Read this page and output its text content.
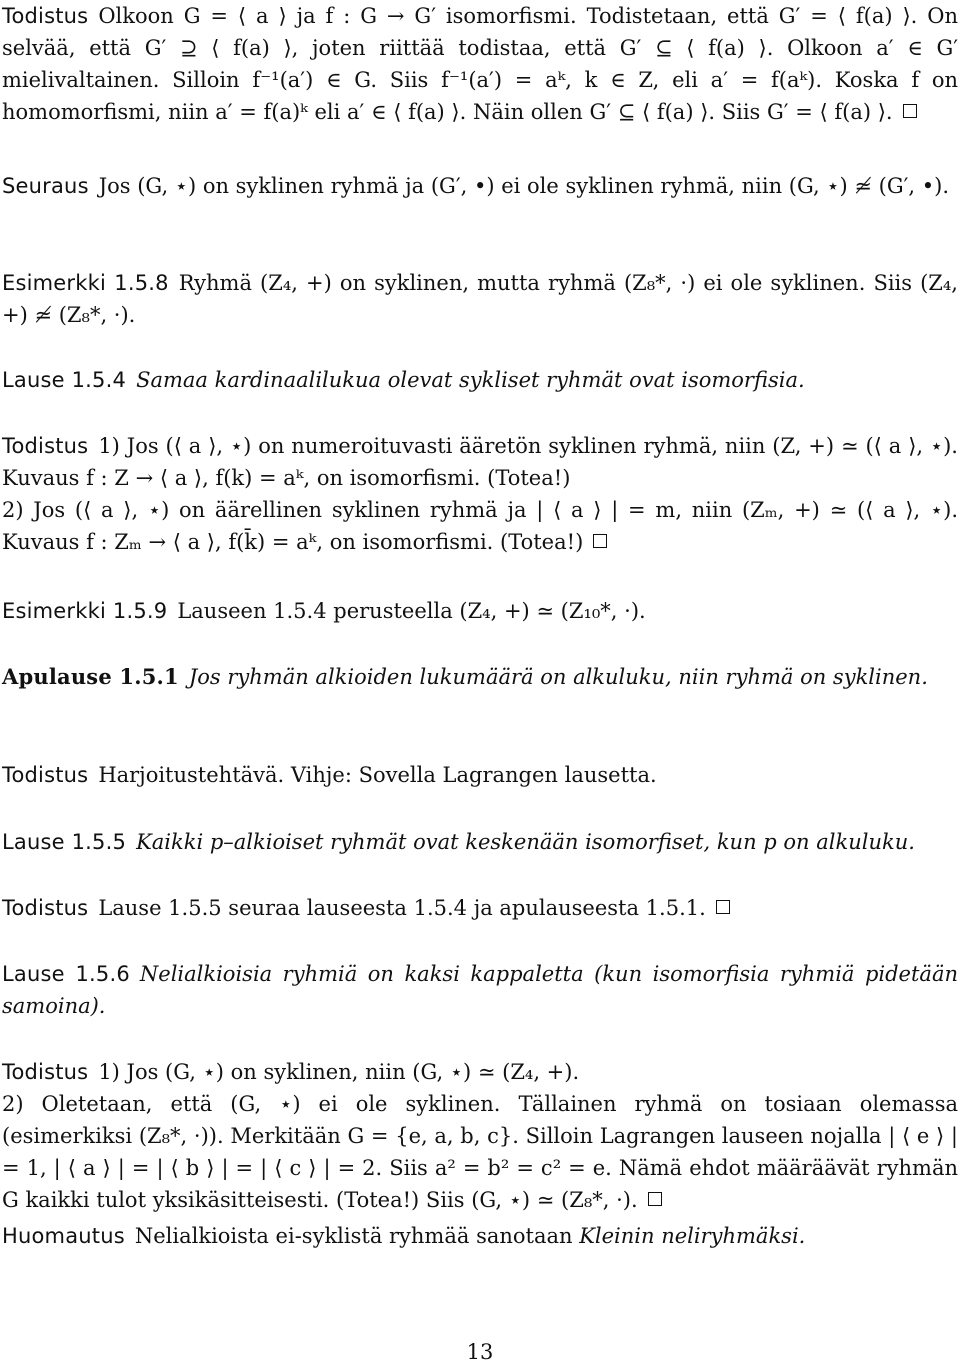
Todistus Olkoon G = ⟨ a ⟩ ja f : G → G′ isomorfismi. Todistetaan, että G′ = ⟨ f(a) ⟩. On selvää, että G′ ⊇ ⟨ f(a) ⟩, joten riittää todistaa, että G′ ⊆ ⟨ f(a) ⟩. Olkoon a′ ∈ G′ mielivaltainen. Silloin f⁻¹(a′) ∈ G. Siis f⁻¹(a′) = aᵏ, k ∈ Z, eli a′ = f(aᵏ). Koska f on homomorfismi, niin a′ = f(a)ᵏ eli a′ ∈ ⟨ f(a) ⟩. Näin ollen G′ ⊆ ⟨ f(a) ⟩. Siis G′ = ⟨ f(a) ⟩.
Seuraus Jos (G, ⋆) on syklinen ryhmä ja (G′, •) ei ole syklinen ryhmä, niin (G, ⋆) ≄ (G′, •).
Esimerkki 1.5.8 Ryhmä (Z₄, +) on syklinen, mutta ryhmä (Z₈*, ·) ei ole syklinen. Siis (Z₄, +) ≄ (Z₈*, ·).
Lause 1.5.4 Samaa kardinaalilukua olevat sykliset ryhmät ovat isomorfisia.
Todistus 1) Jos (⟨ a ⟩, ⋆) on numeroituvasti ääretön syklinen ryhmä, niin (Z, +) ≃ (⟨ a ⟩, ⋆). Kuvaus f : Z → ⟨ a ⟩, f(k) = aᵏ, on isomorfismi. (Totea!)
2) Jos (⟨ a ⟩, ⋆) on äärellinen syklinen ryhmä ja | ⟨ a ⟩ | = m, niin (Zₘ, +) ≃ (⟨ a ⟩, ⋆). Kuvaus f : Zₘ → ⟨ a ⟩, f(k̄) = aᵏ, on isomorfismi. (Totea!)
Esimerkki 1.5.9 Lauseen 1.5.4 perusteella (Z₄, +) ≃ (Z₁₀*, ·).
Apulause 1.5.1 Jos ryhmän alkioiden lukumäärä on alkuluku, niin ryhmä on syklinen.
Todistus Harjoitustehtävä. Vihje: Sovella Lagrangen lausetta.
Lause 1.5.5 Kaikki p–alkioiset ryhmät ovat keskenään isomorfiset, kun p on alkuluku.
Todistus Lause 1.5.5 seuraa lauseesta 1.5.4 ja apulauseesta 1.5.1.
Lause 1.5.6 Nelialkioisia ryhmiä on kaksi kappaletta (kun isomorfisia ryhmiä pidetään samoina).
Todistus 1) Jos (G, ⋆) on syklinen, niin (G, ⋆) ≃ (Z₄, +).
2) Oletetaan, että (G, ⋆) ei ole syklinen. Tällainen ryhmä on tosiaan olemassa (esimerkiksi (Z₈*, ·)). Merkitään G = {e, a, b, c}. Silloin Lagrangen lauseen nojalla | ⟨ e ⟩ | = 1, | ⟨ a ⟩ | = | ⟨ b ⟩ | = | ⟨ c ⟩ | = 2. Siis a² = b² = c² = e. Nämä ehdot määräävät ryhmän G kaikki tulot yksikäsitteisesti. (Totea!) Siis (G, ⋆) ≃ (Z₈*, ·).
Huomautus Nelialkioista ei-syklistä ryhmää sanotaan Kleinin neliryhmäksi.
13
